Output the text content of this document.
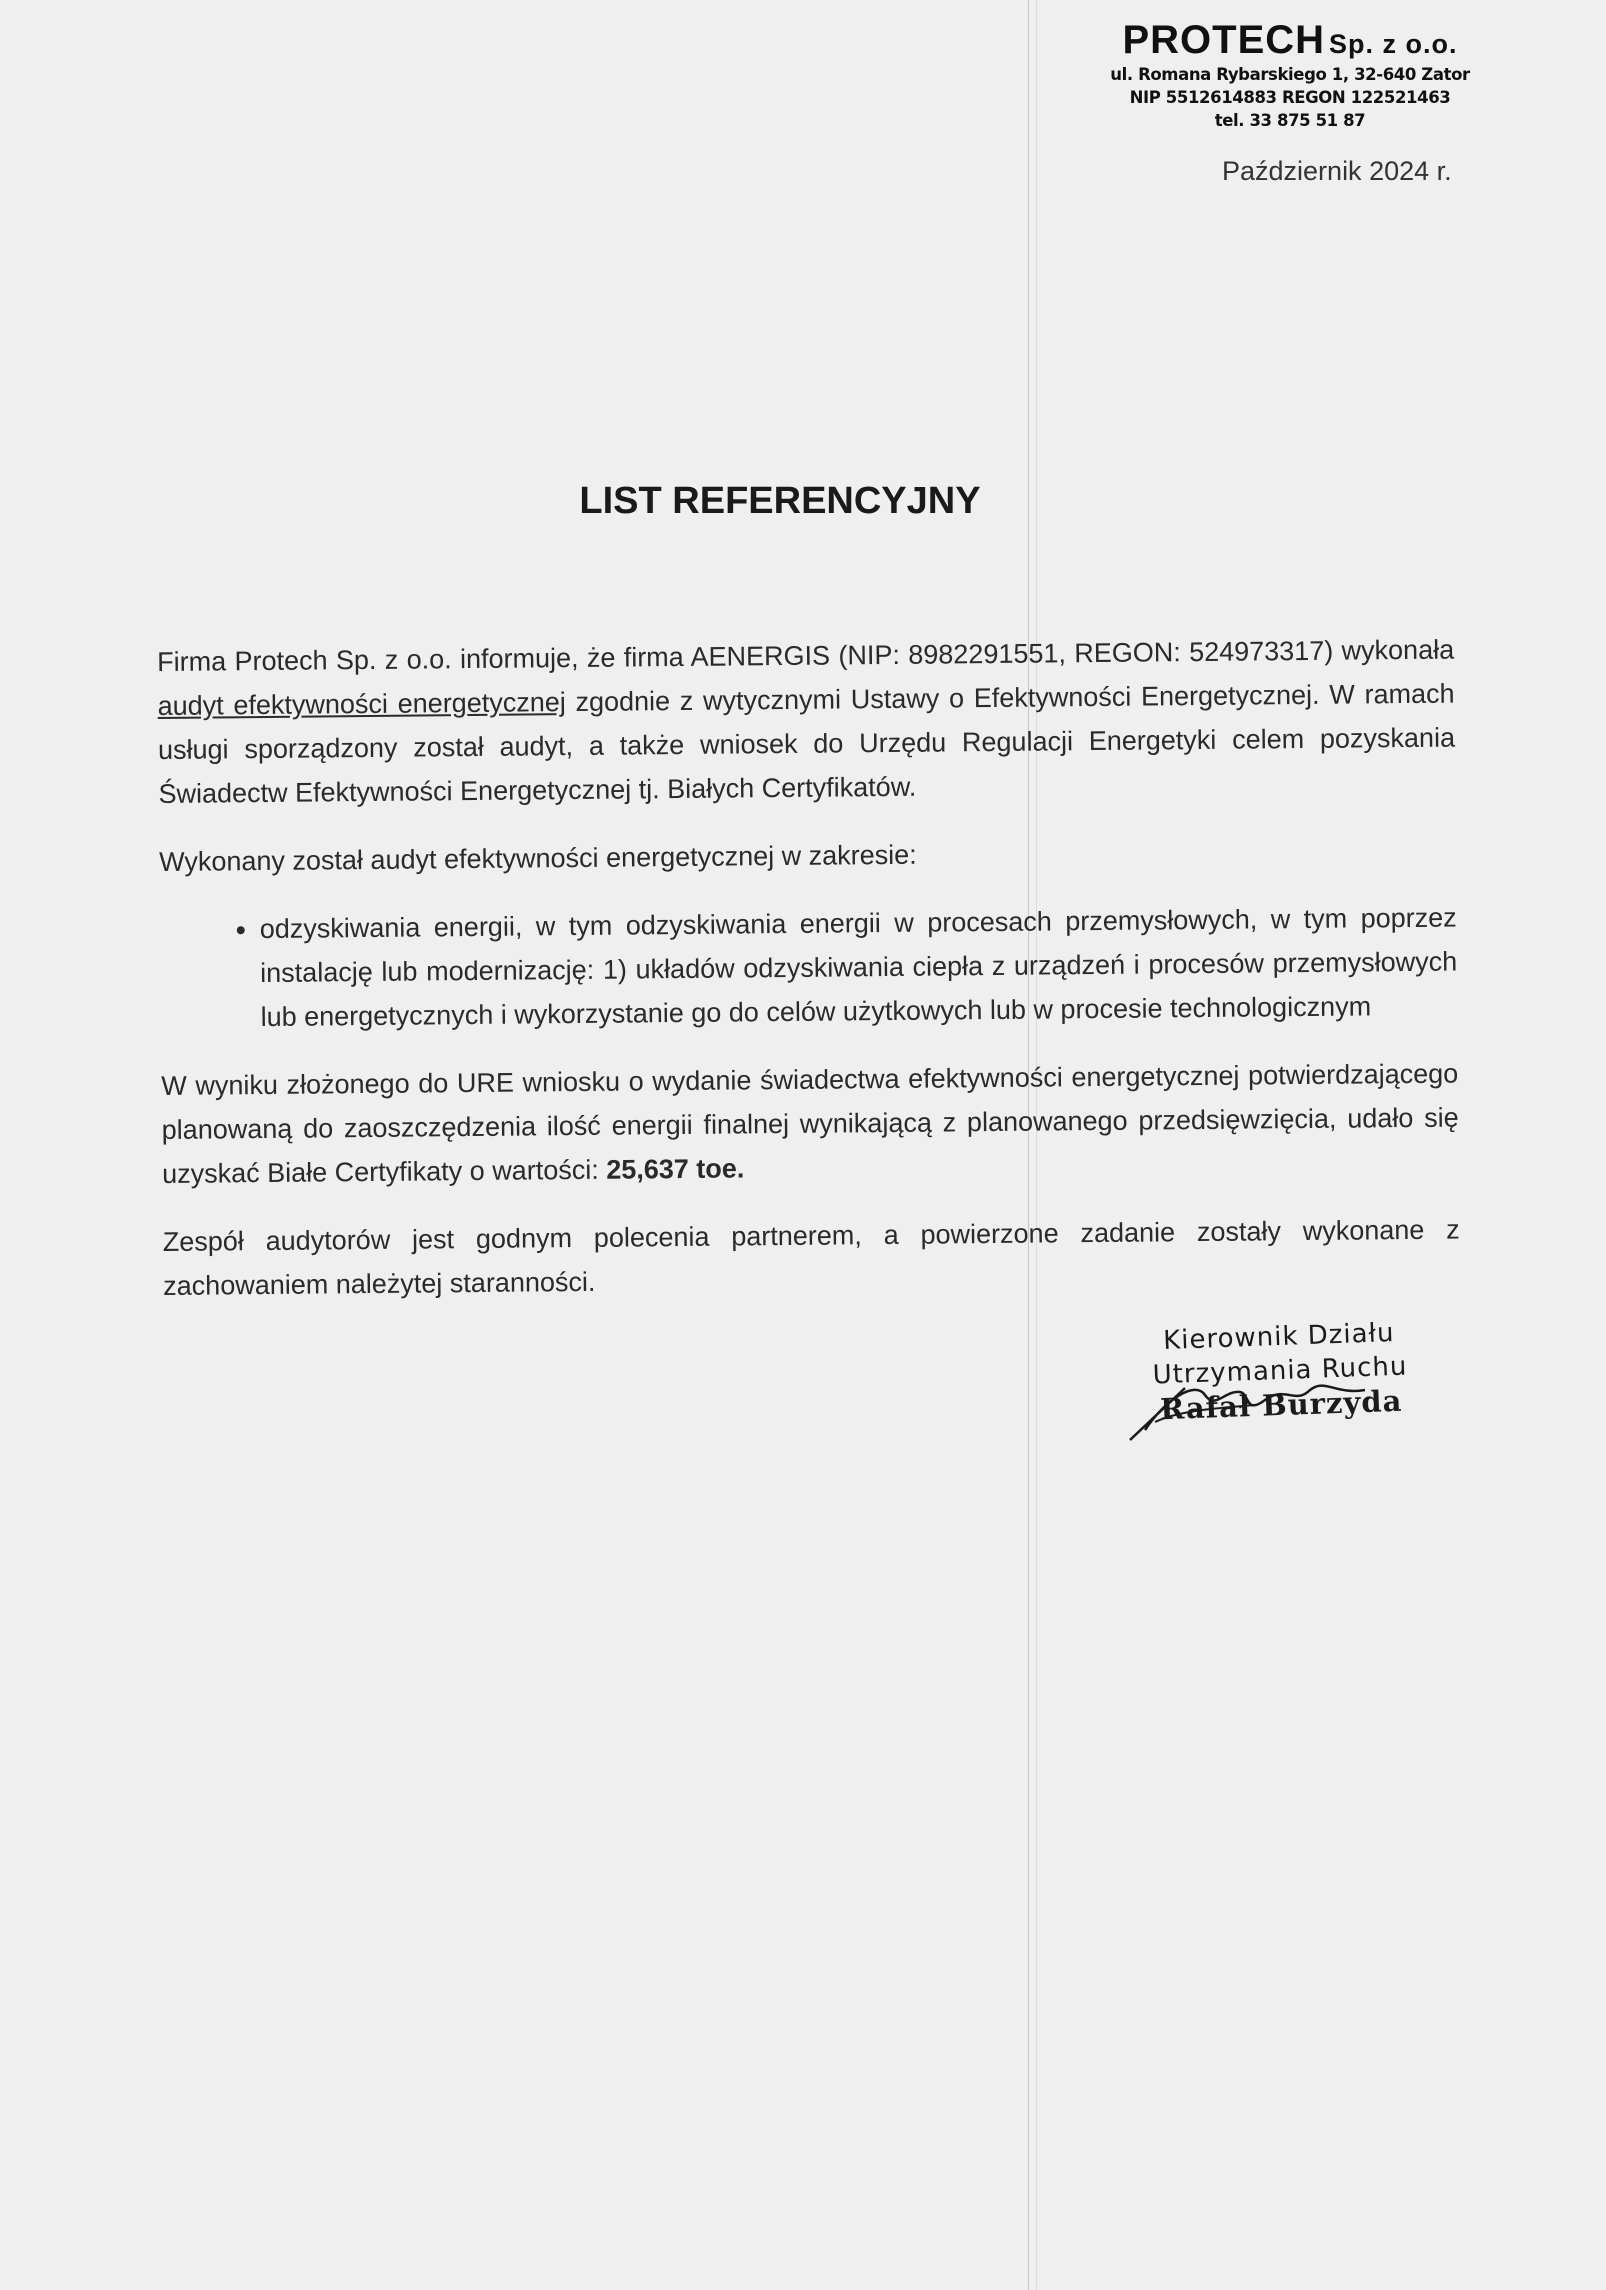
PROTECH Sp. z o.o.
ul. Romana Rybarskiego 1, 32-640 Zator
NIP 5512614883 REGON 122521463
tel. 33 875 51 87
Październik 2024 r.
LIST REFERENCYJNY

Firma Protech Sp. z o.o. informuje, że firma AENERGIS (NIP: 8982291551, REGON: 524973317) wykonała audyt efektywności energetycznej zgodnie z wytycznymi Ustawy o Efektywności Energetycznej. W ramach usługi sporządzony został audyt, a także wniosek do Urzędu Regulacji Energetyki celem pozyskania Świadectw Efektywności Energetycznej tj. Białych Certyfikatów.

Wykonany został audyt efektywności energetycznej w zakresie:

• odzyskiwania energii, w tym odzyskiwania energii w procesach przemysłowych, w tym poprzez instalację lub modernizację: 1) układów odzyskiwania ciepła z urządzeń i procesów przemysłowych lub energetycznych i wykorzystanie go do celów użytkowych lub w procesie technologicznym

W wyniku złożonego do URE wniosku o wydanie świadectwa efektywności energetycznej potwierdzającego planowaną do zaoszczędzenia ilość energii finalnej wynikającą z planowanego przedsięwzięcia, udało się uzyskać Białe Certyfikaty o wartości: 25,637 toe.

Zespół audytorów jest godnym polecenia partnerem, a powierzone zadanie zostały wykonane z zachowaniem należytej staranności.

Kierownik Działu
Utrzymania Ruchu
Rafał Burzyda
